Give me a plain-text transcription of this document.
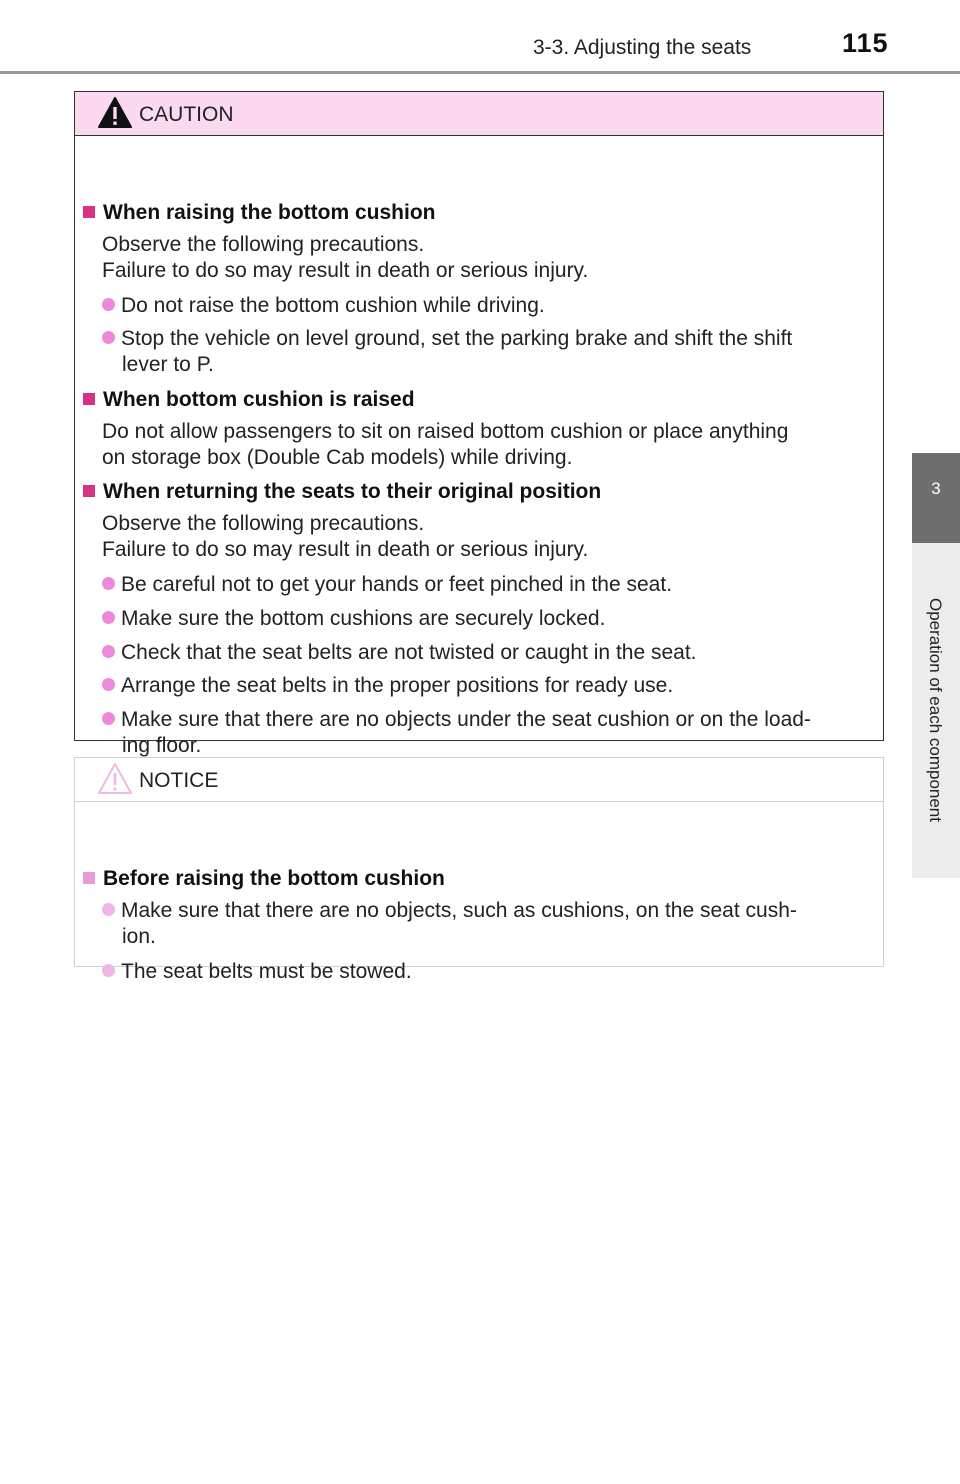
3-3. Adjusting the seats	115
3
Operation of each component
CAUTION
When raising the bottom cushion
Observe the following precautions.
Failure to do so may result in death or serious injury.
Do not raise the bottom cushion while driving.
Stop the vehicle on level ground, set the parking brake and shift the shift
lever to P.
When bottom cushion is raised
Do not allow passengers to sit on raised bottom cushion or place anything
on storage box (Double Cab models) while driving.
When returning the seats to their original position
Observe the following precautions.
Failure to do so may result in death or serious injury.
Be careful not to get your hands or feet pinched in the seat.
Make sure the bottom cushions are securely locked.
Check that the seat belts are not twisted or caught in the seat.
Arrange the seat belts in the proper positions for ready use.
Make sure that there are no objects under the seat cushion or on the load-
ing floor.
NOTICE
Before raising the bottom cushion
Make sure that there are no objects, such as cushions, on the seat cush-
ion.
The seat belts must be stowed.
